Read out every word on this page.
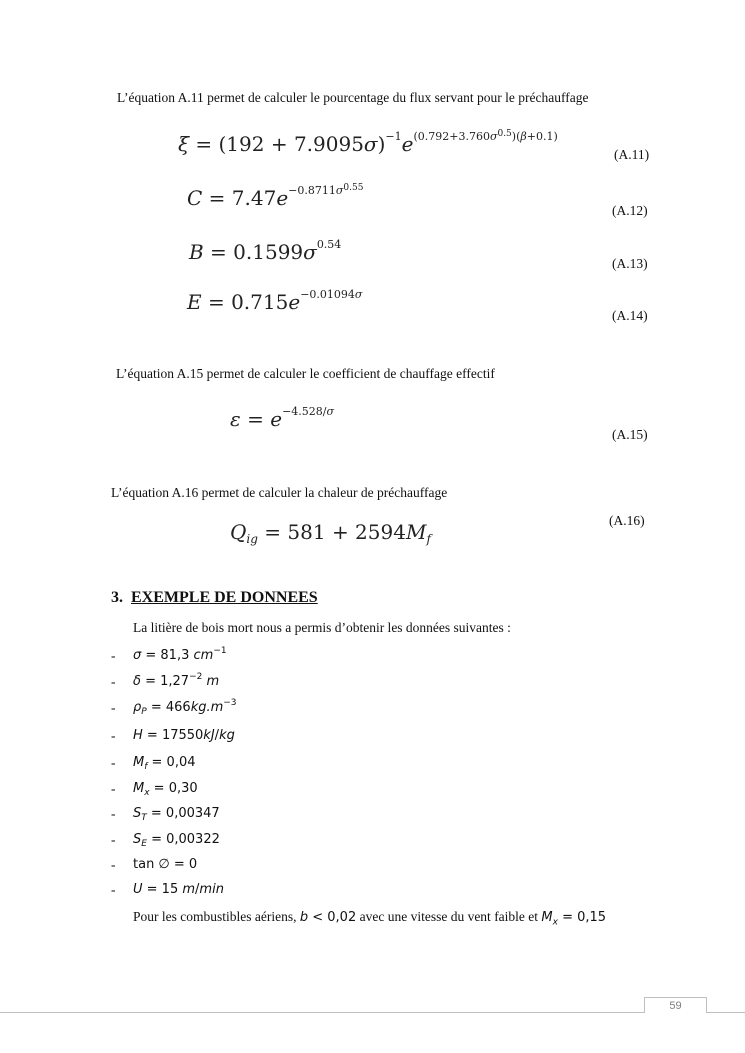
L’équation A.11 permet de calculer le pourcentage du flux servant pour le préchauffage
$\xi = (192 + 7.9095\sigma)^{-1}e^{(0.792+3.760\sigma^{0.5})(\beta+0.1)}$
(A.11)
$C = 7.47e^{-0.8711\sigma^{0.55}}$
(A.12)
$B = 0.1599\sigma^{0.54}$
(A.13)
$E = 0.715e^{-0.01094\sigma}$
(A.14)
L’équation A.15 permet de calculer le coefficient de chauffage effectif
$\varepsilon = e^{-4.528/\sigma}$
(A.15)
L’équation A.16 permet de calculer la chaleur de préchauffage
$Q_{ig} = 581 + 2594M_f$
(A.16)
3. EXEMPLE DE DONNEES
La litière de bois mort nous a permis d’obtenir les données suivantes :
- σ = 81,3 $cm^{-1}$
- $\delta = 1,27^{-2}$ m
- $\rho_P = 466kg.m^{-3}$
- H = 17550kJ/kg
- $M_f = 0,04$
- $M_x = 0,30$
- $S_T = 0,00347$
- $S_E = 0,00322$
- tan ∅ = 0
- U = 15 m/min
Pour les combustibles aériens, b < 0,02 avec une vitesse du vent faible et $M_x = 0,15$
59
